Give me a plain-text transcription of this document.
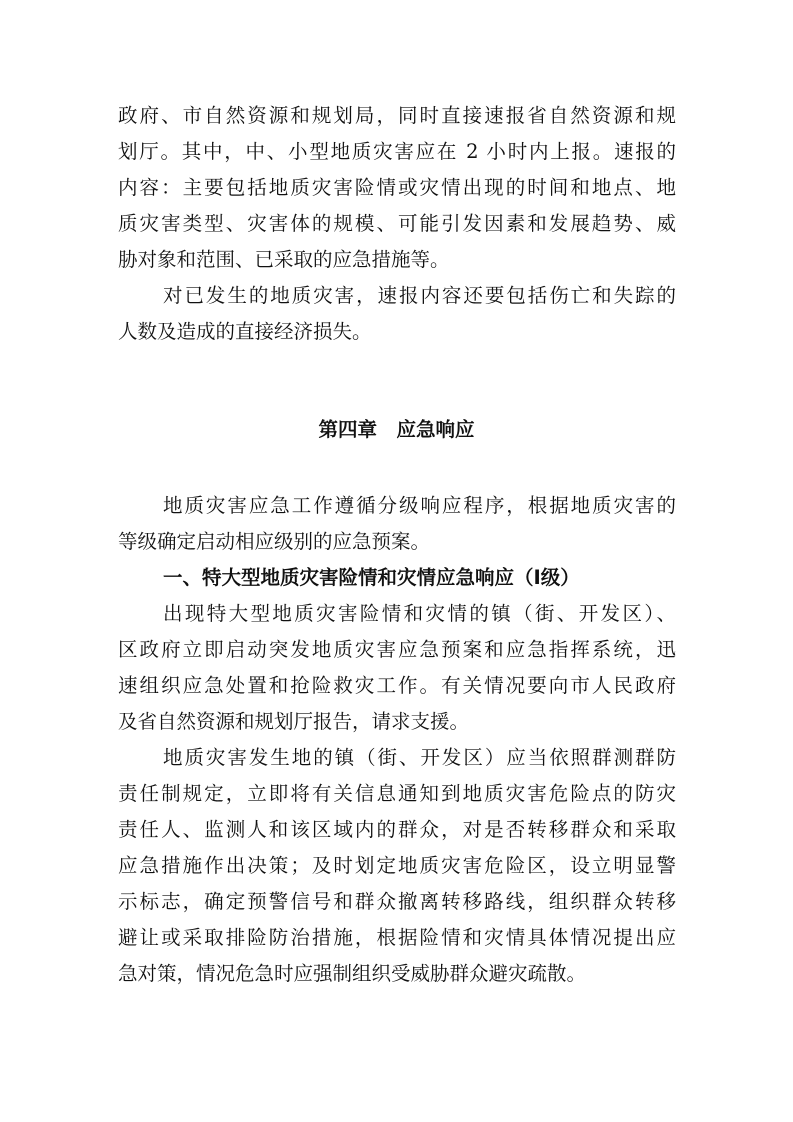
政府、市自然资源和规划局，同时直接速报省自然资源和规
划厅。其中，中、小型地质灾害应在 2 小时内上报。速报的
内容：主要包括地质灾害险情或灾情出现的时间和地点、地
质灾害类型、灾害体的规模、可能引发因素和发展趋势、威
胁对象和范围、已采取的应急措施等。
对已发生的地质灾害，速报内容还要包括伤亡和失踪的
人数及造成的直接经济损失。
第四章　应急响应
地质灾害应急工作遵循分级响应程序，根据地质灾害的
等级确定启动相应级别的应急预案。
一、特大型地质灾害险情和灾情应急响应（Ⅰ级）
出现特大型地质灾害险情和灾情的镇（街、开发区）、
区政府立即启动突发地质灾害应急预案和应急指挥系统，迅
速组织应急处置和抢险救灾工作。有关情况要向市人民政府
及省自然资源和规划厅报告，请求支援。
地质灾害发生地的镇（街、开发区）应当依照群测群防
责任制规定，立即将有关信息通知到地质灾害危险点的防灾
责任人、监测人和该区域内的群众，对是否转移群众和采取
应急措施作出决策；及时划定地质灾害危险区，设立明显警
示标志，确定预警信号和群众撤离转移路线，组织群众转移
避让或采取排险防治措施，根据险情和灾情具体情况提出应
急对策，情况危急时应强制组织受威胁群众避灾疏散。
